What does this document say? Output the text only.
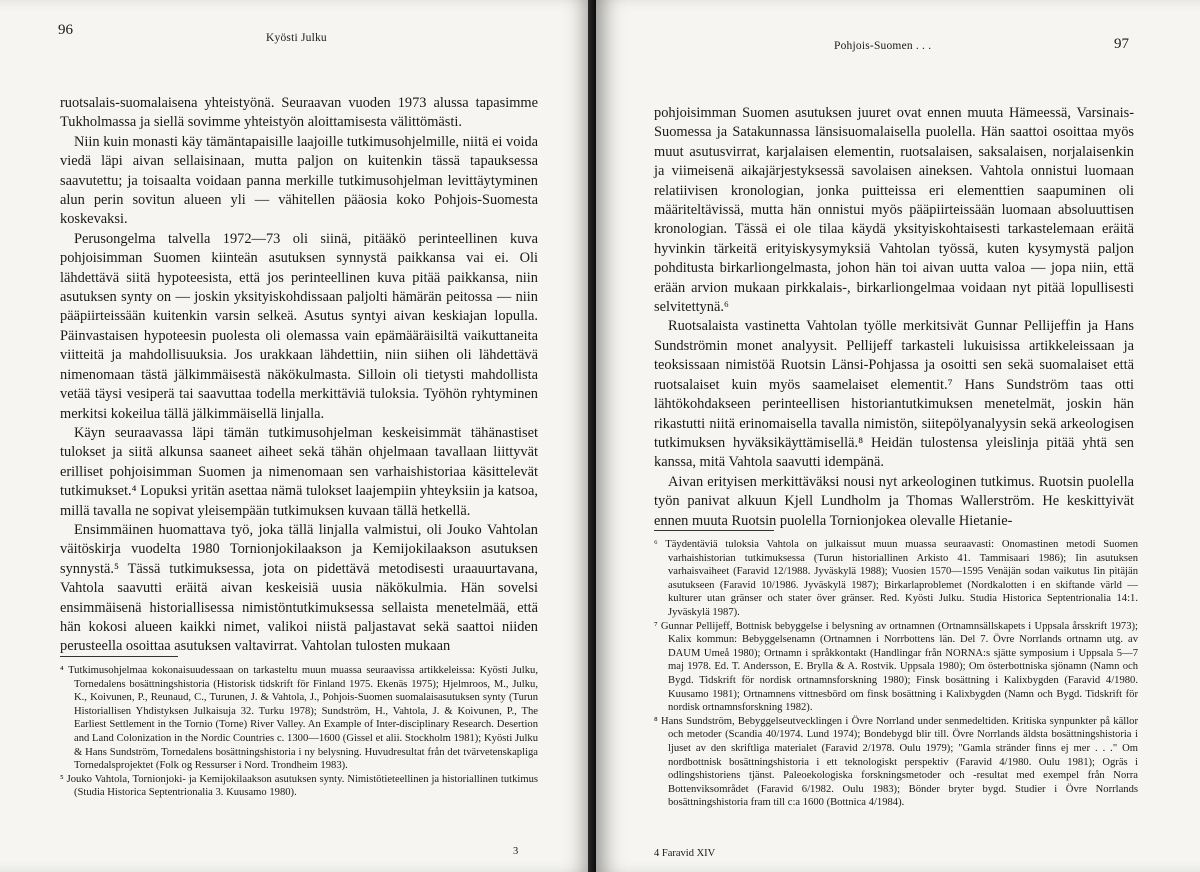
96	Kyösti Julku

ruotsalais-suomalaisena yhteistyönä. Seuraavan vuoden 1973 alussa tapasimme Tukholmassa ja siellä sovimme yhteistyön aloittamisesta välittömästi.

Niin kuin monasti käy tämäntapaisille laajoille tutkimusohjelmille, niitä ei voida viedä läpi aivan sellaisinaan, mutta paljon on kuitenkin tässä tapauksessa saavutettu; ja toisaalta voidaan panna merkille tutkimusohjelman levittäytyminen alun perin sovitun alueen yli — vähitellen pääosia koko Pohjois-Suomesta koskevaksi.

Perusongelma talvella 1972—73 oli siinä, pitääkö perinteellinen kuva pohjoisimman Suomen kiinteän asutuksen synnystä paikkansa vai ei. Oli lähdettävä siitä hypoteesista, että jos perinteellinen kuva pitää paikkansa, niin asutuksen synty on — joskin yksityiskohdissaan paljolti hämärän peitossa — niin pääpiirteissään kuitenkin varsin selkeä. Asutus syntyi aivan keskiajan lopulla. Päinvastaisen hypoteesin puolesta oli olemassa vain epämääräisiltä vaikuttaneita viitteitä ja mahdollisuuksia. Jos urakkaan lähdettiin, niin siihen oli lähdettävä nimenomaan tästä jälkimmäisestä näkökulmasta. Silloin oli tietysti mahdollista vetää täysi vesiperä tai saavuttaa todella merkittäviä tuloksia. Työhön ryhtyminen merkitsi kokeilua tällä jälkimmäisellä linjalla.

Käyn seuraavassa läpi tämän tutkimusohjelman keskeisimmät tähänastiset tulokset ja siitä alkunsa saaneet aiheet sekä tähän ohjelmaan tavallaan liittyvät erilliset pohjoisimman Suomen ja nimenomaan sen varhaishistoriaa käsittelevät tutkimukset.⁴ Lopuksi yritän asettaa nämä tulokset laajempiin yhteyksiin ja katsoa, millä tavalla ne sopivat yleisempään tutkimuksen kuvaan tällä hetkellä.

Ensimmäinen huomattava työ, joka tällä linjalla valmistui, oli Jouko Vahtolan väitöskirja vuodelta 1980 Tornionjokilaakson ja Kemijokilaakson asutuksen synnystä.⁵ Tässä tutkimuksessa, jota on pidettävä metodisesti uraauurtavana, Vahtola saavutti eräitä aivan keskeisiä uusia näkökulmia. Hän sovelsi ensimmäisenä historiallisessa nimistöntutkimuksessa sellaista menetelmää, että hän kokosi alueen kaikki nimet, valikoi niistä paljastavat sekä saattoi niiden perusteella osoittaa asutuksen valtavirrat. Vahtolan tulosten mukaan

⁴ Tutkimusohjelmaa kokonaisuudessaan on tarkasteltu muun muassa seuraavissa artikkeleissa: Kyösti Julku, Tornedalens bosättningshistoria (Historisk tidskrift för Finland 1975. Ekenäs 1975); Hjelmroos, M., Julku, K., Koivunen, P., Reunaud, C., Turunen, J. & Vahtola, J., Pohjois-Suomen suomalaisasutuksen synty (Turun Historiallisen Yhdistyksen Julkaisuja 32. Turku 1978); Sundström, H., Vahtola, J. & Koivunen, P., The Earliest Settlement in the Tornio (Torne) River Valley. An Example of Inter-disciplinary Research. Desertion and Land Colonization in the Nordic Countries c. 1300—1600 (Gissel et alii. Stockholm 1981); Kyösti Julku & Hans Sundström, Tornedalens bosättningshistoria i ny belysning. Huvudresultat från det tvärvetenskapliga Tornedalsprojektet (Folk og Ressurser i Nord. Trondheim 1983).

⁵ Jouko Vahtola, Tornionjoki- ja Kemijokilaakson asutuksen synty. Nimistötieteellinen ja historiallinen tutkimus (Studia Historica Septentrionalia 3. Kuusamo 1980).

3
Pohjois-Suomen . . .	97

pohjoisimman Suomen asutuksen juuret ovat ennen muuta Hämeessä, Varsinais-Suomessa ja Satakunnassa länsisuomalaisella puolella. Hän saattoi osoittaa myös muut asutusvirrat, karjalaisen elementin, ruotsalaisen, saksalaisen, norjalaisenkin ja viimeisenä aikajärjestyksessä savolaisen aineksen. Vahtola onnistui luomaan relatiivisen kronologian, jonka puitteissa eri elementtien saapuminen oli määriteltävissä, mutta hän onnistui myös pääpiirteissään luomaan absoluuttisen kronologian. Tässä ei ole tilaa käydä yksityiskohtaisesti tarkastelemaan eräitä hyvinkin tärkeitä erityiskysymyksiä Vahtolan työssä, kuten kysymystä paljon pohditusta birkarliongelmasta, johon hän toi aivan uutta valoa — jopa niin, että erään arvion mukaan pirkkalais-, birkarliongelmaa voidaan nyt pitää lopullisesti selvitettynä.⁶

Ruotsalaista vastinetta Vahtolan työlle merkitsivät Gunnar Pellijeffin ja Hans Sundströmin monet analyysit. Pellijeff tarkasteli lukuisissa artikkeleissaan ja teoksissaan nimistöä Ruotsin Länsi-Pohjassa ja osoitti sen sekä suomalaiset että ruotsalaiset kuin myös saamelaiset elementit.⁷ Hans Sundström taas otti lähtökohdakseen perinteellisen historiantutkimuksen menetelmät, joskin hän rikastutti niitä erinomaisella tavalla nimistön, siitepölyanalyysin sekä arkeologisen tutkimuksen hyväksikäyttämisellä.⁸ Heidän tulostensa yleislinja pitää yhtä sen kanssa, mitä Vahtola saavutti idempänä.

Aivan erityisen merkittäväksi nousi nyt arkeologinen tutkimus. Ruotsin puolella työn panivat alkuun Kjell Lundholm ja Thomas Wallerström. He keskittyivät ennen muuta Ruotsin puolella Tornionjokea olevalle Hietanie-

⁶ Täydentäviä tuloksia Vahtola on julkaissut muun muassa seuraavasti: Onomastinen metodi Suomen varhaishistorian tutkimuksessa (Turun historiallinen Arkisto 41. Tammisaari 1986); Iin asutuksen varhaisvaiheet (Faravid 12/1988. Jyväskylä 1988); Vuosien 1570—1595 Venäjän sodan vaikutus Iin pitäjän asutukseen (Faravid 10/1986. Jyväskylä 1987); Birkarlaproblemet (Nordkalotten i en skiftande värld — kulturer utan gränser och stater över gränser. Red. Kyösti Julku. Studia Historica Septentrionalia 14:1. Jyväskylä 1987).

⁷ Gunnar Pellijeff, Bottnisk bebyggelse i belysning av ortnamnen (Ortnamnsällskapets i Uppsala årsskrift 1973); Kalix kommun: Bebyggelsenamn (Ortnamnen i Norrbottens län. Del 7. Övre Norrlands ortnamn utg. av DAUM Umeå 1980); Ortnamn i språkkontakt (Handlingar från NORNA:s sjätte symposium i Uppsala 5—7 maj 1978. Ed. T. Andersson, E. Brylla & A. Rostvik. Uppsala 1980); Om österbottniska sjönamn (Namn och Bygd. Tidskrift för nordisk ortnamnsforskning 1980); Finsk bosättning i Kalixbygden (Faravid 4/1980. Kuusamo 1981); Ortnamnens vittnesbörd om finsk bosättning i Kalixbygden (Namn och Bygd. Tidskrift för nordisk ortnamnsforskning 1982).

⁸ Hans Sundström, Bebyggelseutvecklingen i Övre Norrland under senmedeltiden. Kritiska synpunkter på källor och metoder (Scandia 40/1974. Lund 1974); Bondebygd blir till. Övre Norrlands äldsta bosättningshistoria i ljuset av den skriftliga materialet (Faravid 2/1978. Oulu 1979); "Gamla stränder finns ej mer . . ." Om nordbottnisk bosättningshistoria i ett teknologiskt perspektiv (Faravid 4/1980. Oulu 1981); Ogräs i odlingshistoriens tjänst. Paleoekologiska forskningsmetoder och -resultat med exempel från Norra Bottenviksområdet (Faravid 6/1982. Oulu 1983); Bönder bryter bygd. Studier i Övre Norrlands bosättningshistoria fram till c:a 1600 (Bottnica 4/1984).

4 Faravid XIV
